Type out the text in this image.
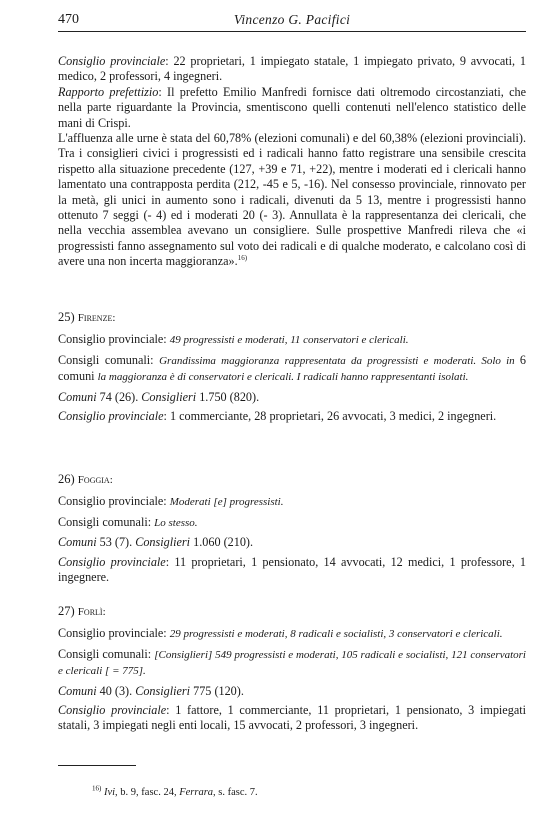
470	Vincenzo G. Pacifici

Consiglio provinciale: 22 proprietari, 1 impiegato statale, 1 impiegato privato, 9 avvocati, 1 medico, 2 professori, 4 ingegneri.

Rapporto prefettizio: Il prefetto Emilio Manfredi fornisce dati oltremodo circostanziati, che nella parte riguardante la Provincia, smentiscono quelli contenuti nell'elenco statistico delle mani di Crispi.

L'affluenza alle urne è stata del 60,78% (elezioni comunali) e del 60,38% (elezioni provinciali). Tra i consiglieri civici i progressisti ed i radicali hanno fatto registrare una sensibile crescita rispetto alla situazione precedente (127, +39 e 71, +22), mentre i moderati ed i clericali hanno lamentato una contrapposta perdita (212, -45 e 5, -16). Nel consesso provinciale, rinnovato per la metà, gli unici in aumento sono i radicali, divenuti da 5 13, mentre i progressisti hanno ottenuto 7 seggi (- 4) ed i moderati 20 (- 3). Annullata è la rappresentanza dei clericali, che nella vecchia assemblea avevano un consigliere. Sulle prospettive Manfredi rileva che «i progressisti fanno assegnamento sul voto dei radicali e di qualche moderato, e calcolano così di avere una non incerta maggioranza».$^{16)}$

25) Firenze:

Consiglio provinciale: 49 progressisti e moderati, 11 conservatori e clericali.

Consigli comunali: Grandissima maggioranza rappresentata da progressisti e moderati. Solo in 6 comuni la maggioranza è di conservatori e clericali. I radicali hanno rappresentanti isolati.

Comuni 74 (26). Consiglieri 1.750 (820).

Consiglio provinciale: 1 commerciante, 28 proprietari, 26 avvocati, 3 medici, 2 ingegneri.

26) Foggia:

Consiglio provinciale: Moderati [e] progressisti.

Consigli comunali: Lo stesso.

Comuni 53 (7). Consiglieri 1.060 (210).

Consiglio provinciale: 11 proprietari, 1 pensionato, 14 avvocati, 12 medici, 1 professore, 1 ingegnere.

27) Forlì:

Consiglio provinciale: 29 progressisti e moderati, 8 radicali e socialisti, 3 conservatori e clericali.

Consigli comunali: [Consiglieri] 549 progressisti e moderati, 105 radicali e socialisti, 121 conservatori e clericali [ = 775].

Comuni 40 (3). Consiglieri 775 (120).

Consiglio provinciale: 1 fattore, 1 commerciante, 11 proprietari, 1 pensionato, 3 impiegati statali, 3 impiegati negli enti locali, 15 avvocati, 2 professori, 3 ingegneri.

$^{16)}$ Ivi, b. 9, fasc. 24, Ferrara, s. fasc. 7.
